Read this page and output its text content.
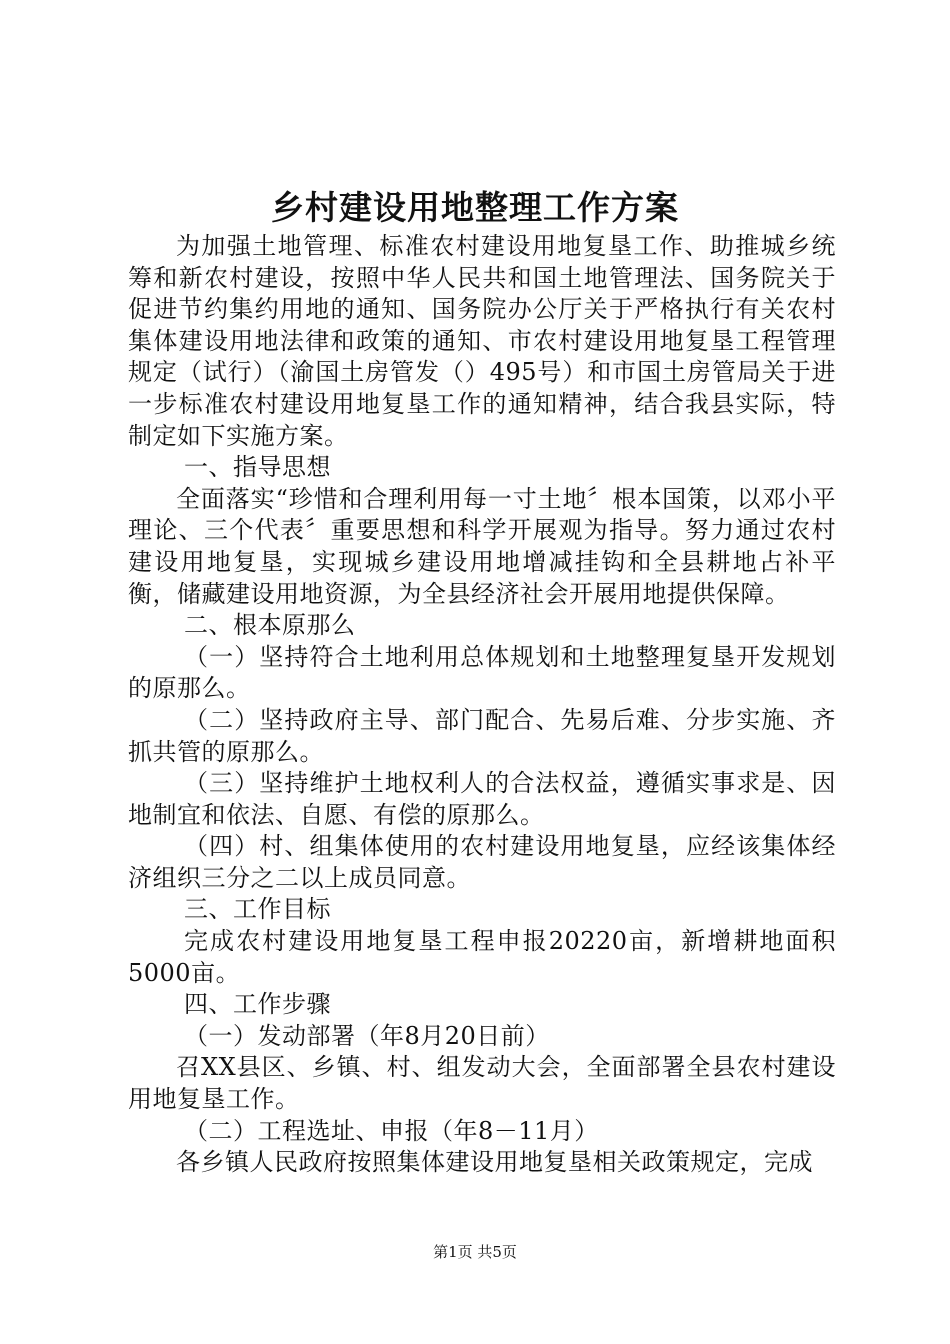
乡村建设用地整理工作方案

为加强土地管理、标准农村建设用地复垦工作、助推城乡统筹和新农村建设，按照中华人民共和国土地管理法、国务院关于促进节约集约用地的通知、国务院办公厅关于严格执行有关农村集体建设用地法律和政策的通知、市农村建设用地复垦工程管理规定（试行）（渝国土房管发（）495号）和市国土房管局关于进一步标准农村建设用地复垦工作的通知精神，结合我县实际，特制定如下实施方案。

一、指导思想

全面落实“珍惜和合理利用每一寸土地〞根本国策，以邓小平理论、三个代表〞重要思想和科学开展观为指导。努力通过农村建设用地复垦，实现城乡建设用地增减挂钩和全县耕地占补平衡，储藏建设用地资源，为全县经济社会开展用地提供保障。

二、根本原那么

（一）坚持符合土地利用总体规划和土地整理复垦开发规划的原那么。

（二）坚持政府主导、部门配合、先易后难、分步实施、齐抓共管的原那么。

（三）坚持维护土地权利人的合法权益，遵循实事求是、因地制宜和依法、自愿、有偿的原那么。

（四）村、组集体使用的农村建设用地复垦，应经该集体经济组织三分之二以上成员同意。

三、工作目标

完成农村建设用地复垦工程申报20220亩，新增耕地面积5000亩。

四、工作步骤

（一）发动部署（年8月20日前）

召XX县区、乡镇、村、组发动大会，全面部署全县农村建设用地复垦工作。

（二）工程选址、申报（年8－11月）

各乡镇人民政府按照集体建设用地复垦相关政策规定，完成

第1页 共5页
